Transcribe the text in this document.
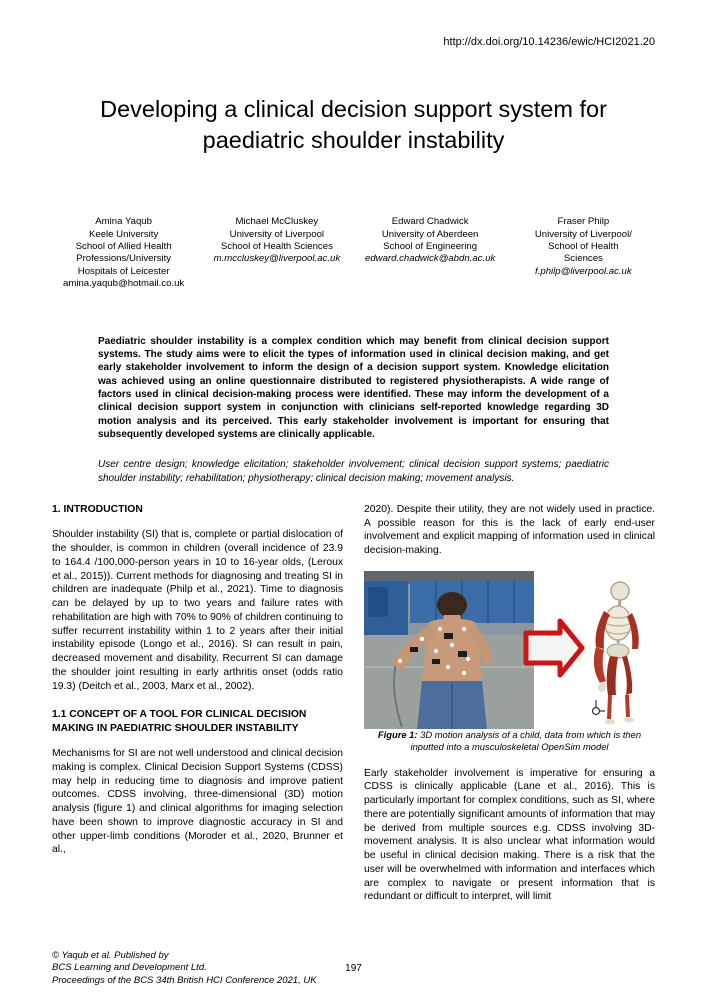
http://dx.doi.org/10.14236/ewic/HCI2021.20
Developing a clinical decision support system for paediatric shoulder instability
Amina Yaqub
Keele University
School of Allied Health
Professions/University
Hospitals of Leicester
amina.yaqub@hotmail.co.uk
Michael McCluskey
University of Liverpool
School of Health Sciences
m.mccluskey@liverpool.ac.uk
Edward Chadwick
University of Aberdeen
School of Engineering
edward.chadwick@abdn.ac.uk
Fraser Philp
University of Liverpool/
School of Health
Sciences
f.philp@liverpool.ac.uk

Paediatric shoulder instability is a complex condition which may benefit from clinical decision support systems. The study aims were to elicit the types of information used in clinical decision making, and get early stakeholder involvement to inform the design of a decision support system. Knowledge elicitation was achieved using an online questionnaire distributed to registered physiotherapists. A wide range of factors used in clinical decision-making process were identified. These may inform the development of a clinical decision support system in conjunction with clinicians self-reported knowledge regarding 3D motion analysis and its perceived. This early stakeholder involvement is important for ensuring that subsequently developed systems are clinically applicable.

User centre design; knowledge elicitation; stakeholder involvement; clinical decision support systems; paediatric shoulder instability; rehabilitation; physiotherapy; clinical decision making; movement analysis.

1. INTRODUCTION

Shoulder instability (SI) that is, complete or partial dislocation of the shoulder, is common in children (overall incidence of 23.9 to 164.4 /100,000-person years in 10 to 16-year olds, (Leroux et al., 2015)). Current methods for diagnosing and treating SI in children are inadequate (Philp et al., 2021). Time to diagnosis can be delayed by up to two years and failure rates with rehabilitation are high with 70% to 90% of children continuing to suffer recurrent instability within 1 to 2 years after their initial instability episode (Longo et al., 2016). SI can result in pain, decreased movement and disability. Recurrent SI can damage the shoulder joint resulting in early arthritis onset (odds ratio 19.3) (Deitch et al., 2003, Marx et al., 2002).

1.1 CONCEPT OF A TOOL FOR CLINICAL DECISION MAKING IN PAEDIATRIC SHOULDER INSTABILITY

Mechanisms for SI are not well understood and clinical decision making is complex. Clinical Decision Support Systems (CDSS) may help in reducing time to diagnosis and improve patient outcomes. CDSS involving, three-dimensional (3D) motion analysis (figure 1) and clinical algorithms for imaging selection have been shown to improve diagnostic accuracy in SI and other upper-limb conditions (Moroder et al., 2020, Brunner et al.,

2020). Despite their utility, they are not widely used in practice. A possible reason for this is the lack of early end-user involvement and explicit mapping of information used in clinical decision-making.

Figure 1: 3D motion analysis of a child, data from which is then inputted into a musculoskeletal OpenSim model

Early stakeholder involvement is imperative for ensuring a CDSS is clinically applicable (Lane et al., 2016). This is particularly important for complex conditions, such as SI, where there are potentially significant amounts of information that may be derived from multiple sources e.g. CDSS involving 3D-movement analysis. It is also unclear what information would be useful in clinical decision making. There is a risk that the user will be overwhelmed with information and interfaces which are complex to navigate or present information that is redundant or difficult to interpret, will limit

© Yaqub et al. Published by
BCS Learning and Development Ltd.
Proceedings of the BCS 34th British HCI Conference 2021, UK
197
